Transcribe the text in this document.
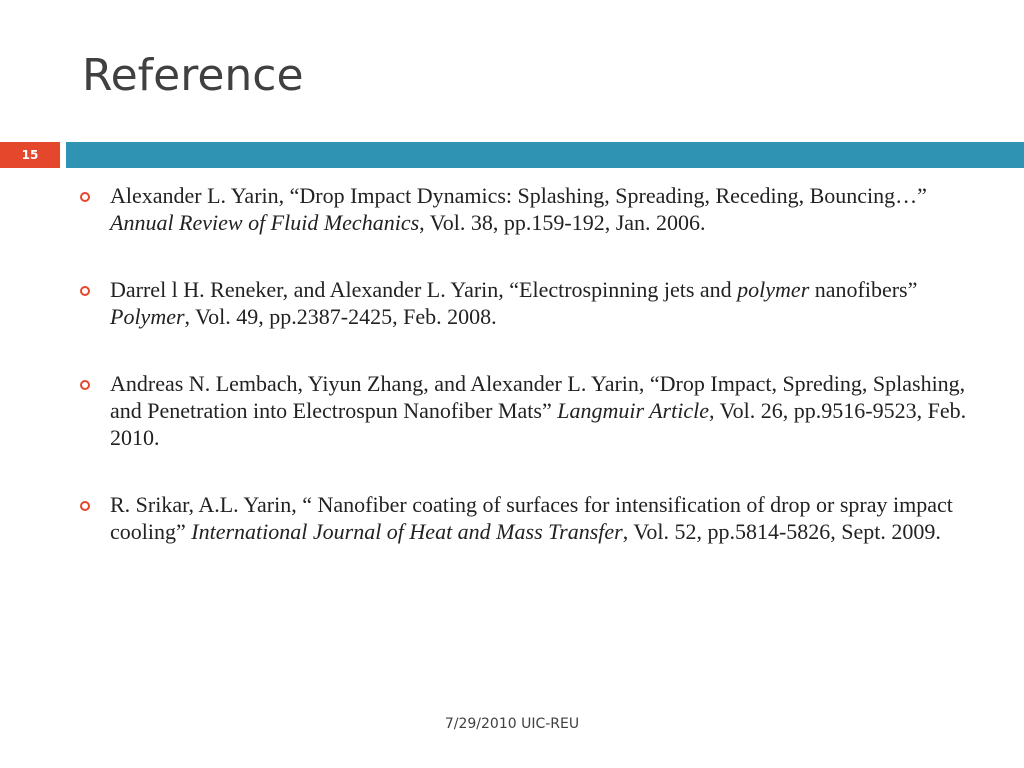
Reference
15
Alexander L. Yarin, “Drop Impact Dynamics: Splashing, Spreading, Receding, Bouncing…” Annual Review of Fluid Mechanics, Vol. 38, pp.159-192, Jan. 2006.
Darrel l H. Reneker, and Alexander L. Yarin, “Electrospinning jets and polymer nanofibers” Polymer, Vol. 49, pp.2387-2425, Feb. 2008.
Andreas N. Lembach, Yiyun Zhang, and Alexander L. Yarin, “Drop Impact, Spreding, Splashing, and Penetration into Electrospun Nanofiber Mats” Langmuir Article, Vol. 26, pp.9516-9523, Feb. 2010.
R. Srikar, A.L. Yarin, “ Nanofiber coating of surfaces for intensification of drop or spray impact cooling” International Journal of Heat and Mass Transfer, Vol. 52, pp.5814-5826, Sept. 2009.
7/29/2010 UIC-REU
